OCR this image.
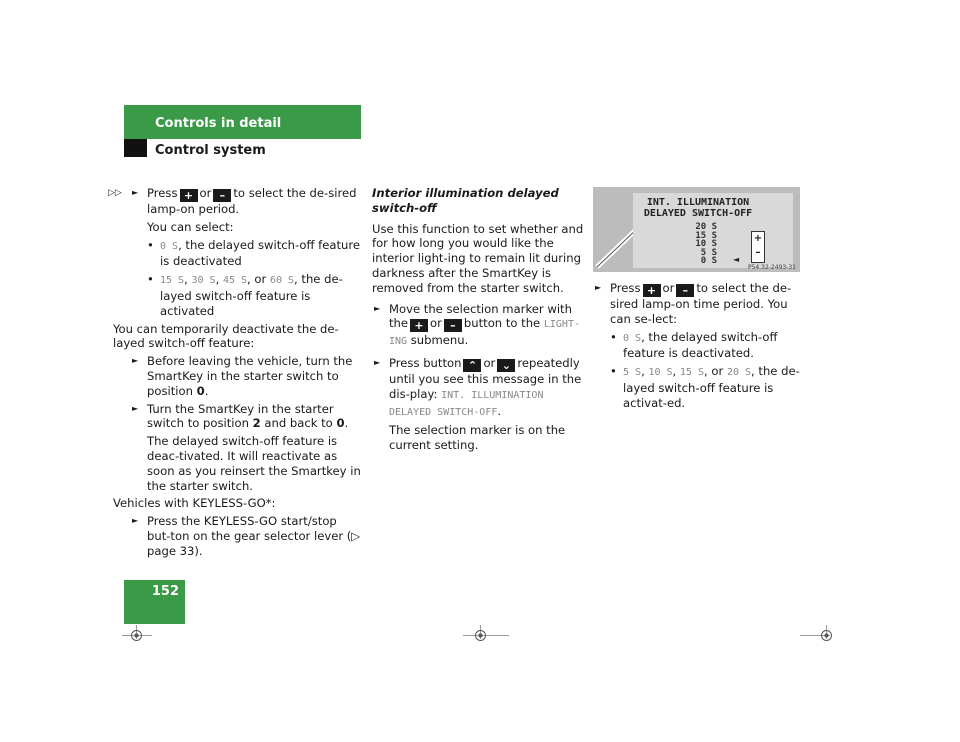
Controls in detail
Control system
152

► ▷▷ Press + or – to select the de-sired lamp-on period.

You can select:

• 0 S, the delayed switch-off feature is deactivated

• 15 S, 30 S, 45 S, or 60 S, the de-layed switch-off feature is activated

You can temporarily deactivate the de-layed switch-off feature:

► Before leaving the vehicle, turn the SmartKey in the starter switch to position 0.

► Turn the SmartKey in the starter switch to position 2 and back to 0.

The delayed switch-off feature is deac-tivated. It will reactivate as soon as you reinsert the Smartkey in the starter switch.

Vehicles with KEYLESS-GO*:

► Press the KEYLESS-GO start/stop but-ton on the gear selector lever (▷ page 33).

Interior illumination delayed switch-off

Use this function to set whether and for how long you would like the interior light-ing to remain lit during darkness after the SmartKey is removed from the starter switch.

► Move the selection marker with the + or – button to the LIGHT-ING submenu.

► Press button ⌃ or ⌄ repeatedly until you see this message in the dis-play: INT. ILLUMINATION DELAYED SWITCH-OFF.

The selection marker is on the current setting.

INT. ILLUMINATION
DELAYED SWITCH-OFF
20 S
15 S
10 S
5 S
0 S
+
–
◄
P54.32-2493-31

► Press + or – to select the de-sired lamp-on time period. You can se-lect:

• 0 S, the delayed switch-off feature is deactivated.

• 5 S, 10 S, 15 S, or 20 S, the de-layed switch-off feature is activat-ed.
